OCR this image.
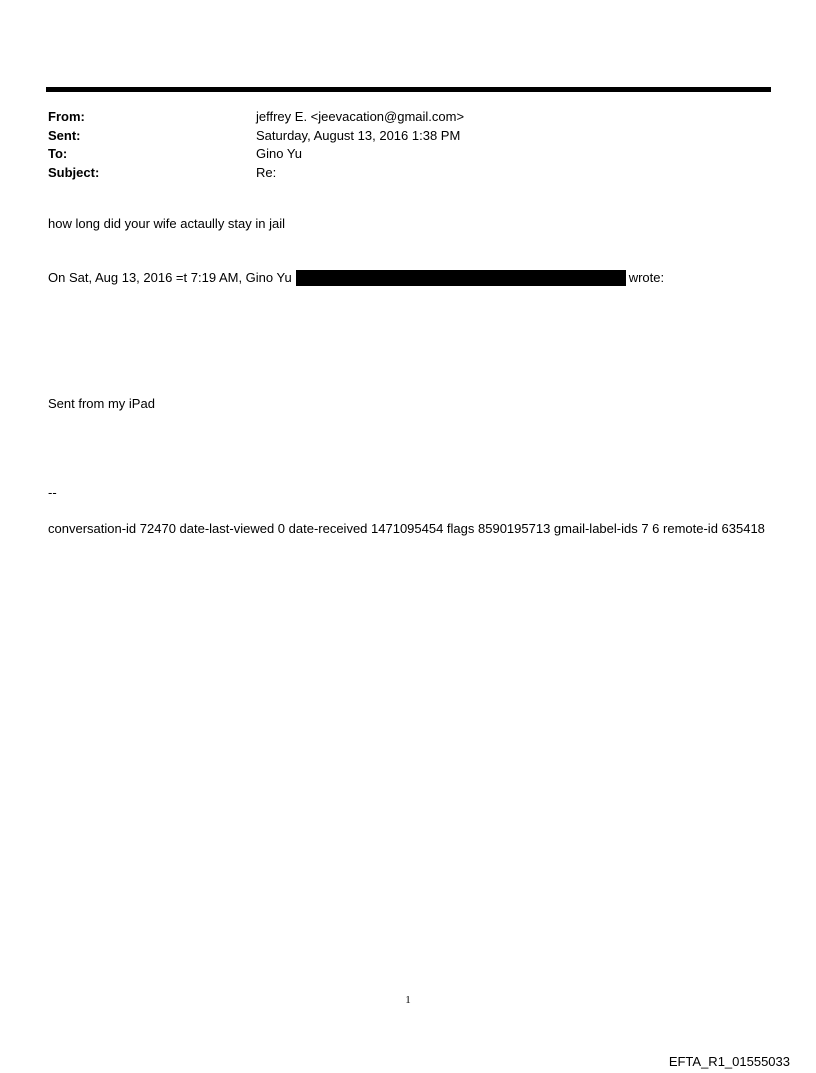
From:	jeffrey E. <jeevacation@gmail.com>
Sent:	Saturday, August 13, 2016 1:38 PM
To:	Gino Yu
Subject:	Re:
how long did your wife actaully stay in jail
On Sat, Aug 13, 2016 =t 7:19 AM, Gino Yu	wrote:
Sent from my iPad
--
conversation-id 72470 date-last-viewed 0 date-received 1471095454 flags 8590195713 gmail-label-ids 7 6 remote-id 635418
1
EFTA_R1_01555033
